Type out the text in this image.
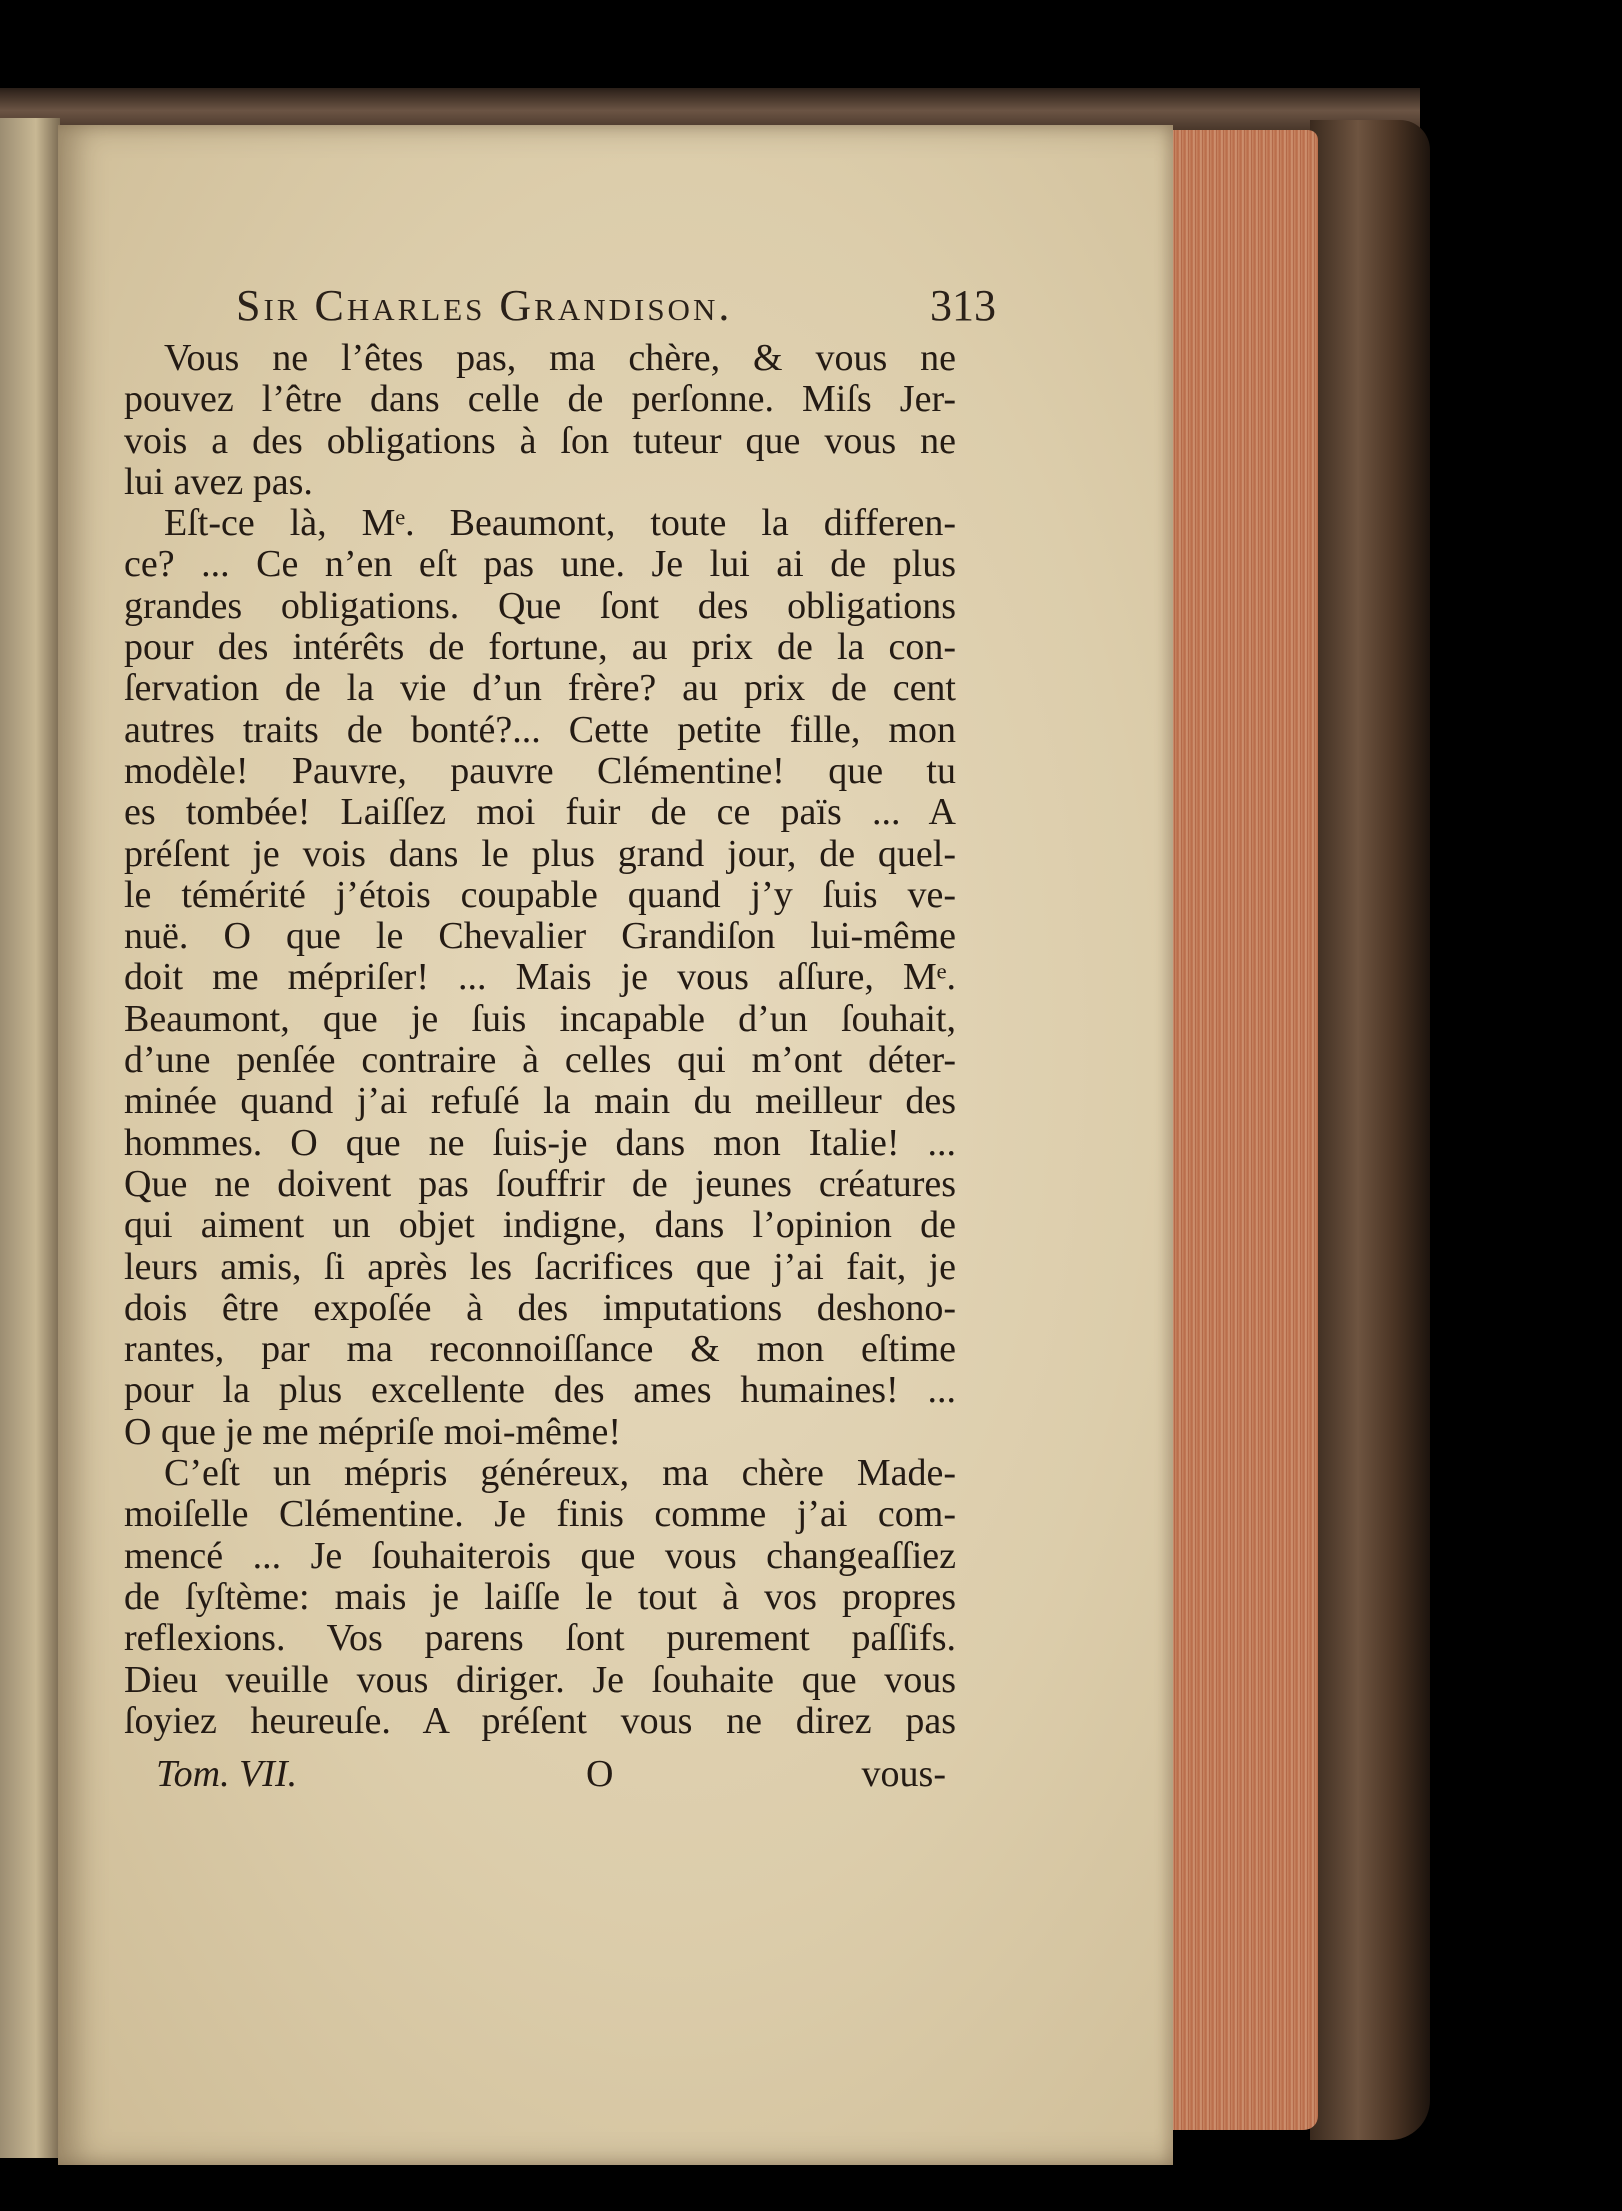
Sir Charles Grandison.	313
Vous ne l’êtes pas, ma chère, & vous ne
pouvez l’être dans celle de perſonne. Miſs Jer-
vois a des obligations à ſon tuteur que vous ne
lui avez pas.
Eſt-ce là, Mᵉ. Beaumont, toute la differen-
ce? ... Ce n’en eſt pas une. Je lui ai de plus
grandes obligations. Que ſont des obligations
pour des intérêts de fortune, au prix de la con-
ſervation de la vie d’un frère? au prix de cent
autres traits de bonté?... Cette petite fille, mon
modèle! Pauvre, pauvre Clémentine! que tu
es tombée! Laiſſez moi fuir de ce païs ... A
préſent je vois dans le plus grand jour, de quel-
le témérité j’étois coupable quand j’y ſuis ve-
nuë. O que le Chevalier Grandiſon lui-même
doit me mépriſer! ... Mais je vous aſſure, Mᵉ.
Beaumont, que je ſuis incapable d’un ſouhait,
d’une penſée contraire à celles qui m’ont déter-
minée quand j’ai refuſé la main du meilleur des
hommes. O que ne ſuis-je dans mon Italie! ...
Que ne doivent pas ſouffrir de jeunes créatures
qui aiment un objet indigne, dans l’opinion de
leurs amis, ſi après les ſacrifices que j’ai fait, je
dois être expoſée à des imputations deshono-
rantes, par ma reconnoiſſance & mon eſtime
pour la plus excellente des ames humaines! ...
O que je me mépriſe moi-même!
C’eſt un mépris généreux, ma chère Made-
moiſelle Clémentine. Je finis comme j’ai com-
mencé ... Je ſouhaiterois que vous changeaſſiez
de ſyſtème: mais je laiſſe le tout à vos propres
reflexions. Vos parens ſont purement paſſifs.
Dieu veuille vous diriger. Je ſouhaite que vous
ſoyiez heureuſe. A préſent vous ne direz pas
Tom. VII.	O	vous-
